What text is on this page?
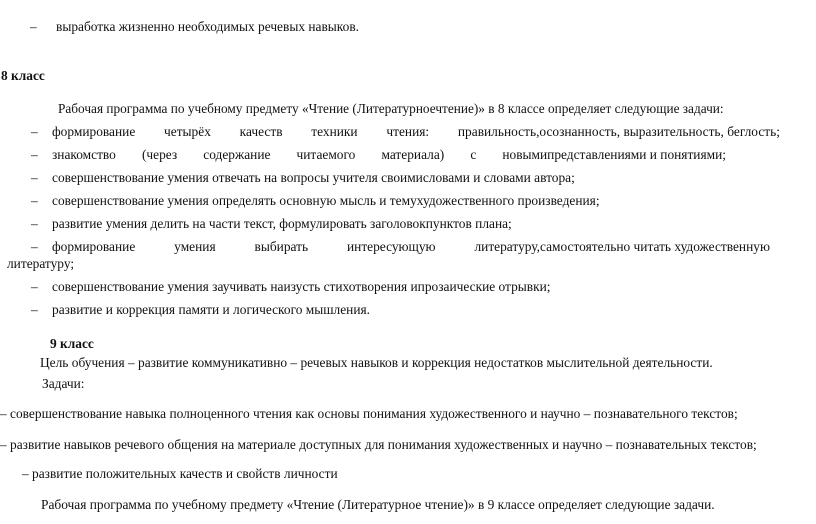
– выработка жизненно необходимых речевых навыков.
8 класс
Рабочая программа по учебному предмету «Чтение (Литературноечтение)» в 8 классе определяет следующие задачи:
– формирование четырёх качеств техники чтения: правильность,осознанность, выразительность, беглость;
– знакомство (через содержание читаемого материала) с новымипредставлениями и понятиями;
– совершенствование умения отвечать на вопросы учителя своимисловами и словами автора;
– совершенствование умения определять основную мысль и темухудожественного произведения;
– развитие умения делить на части текст, формулировать заголовокпунктов плана;
– формирование	умения	выбирать	интересующую	литературу,самостоятельно читать художественную
литературу;
– совершенствование умения заучивать наизусть стихотворения ипрозаические отрывки;
– развитие и коррекция памяти и логического мышления.
9 класс
Цель обучения – развитие коммуникативно – речевых навыков и коррекция недостатков мыслительной деятельности.
Задачи:
– совершенствование навыка полноценного чтения как основы понимания художественного и научно – познавательного текстов;
– развитие навыков речевого общения на материале доступных для понимания художественных и научно – познавательных текстов;
– развитие положительных качеств и свойств личности
Рабочая программа по учебному предмету «Чтение (Литературное чтение)» в 9 классе определяет следующие задачи.
